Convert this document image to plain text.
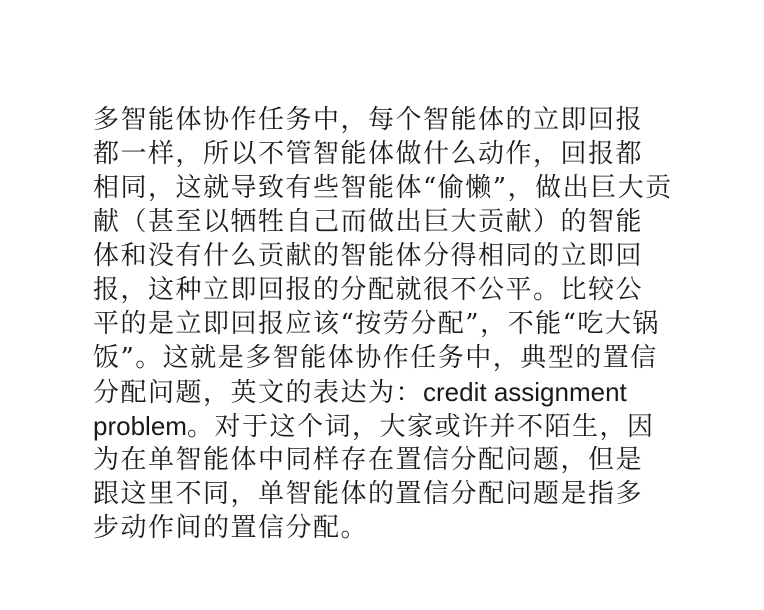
多智能体协作任务中，每个智能体的立即回报
都一样，所以不管智能体做什么动作，回报都
相同，这就导致有些智能体“偷懒”，做出巨大贡
献（甚至以牺牲自己而做出巨大贡献）的智能
体和没有什么贡献的智能体分得相同的立即回
报，这种立即回报的分配就很不公平。比较公
平的是立即回报应该“按劳分配”，不能“吃大锅
饭”。这就是多智能体协作任务中，典型的置信
分配问题，英文的表达为：credit assignment
problem。对于这个词，大家或许并不陌生，因
为在单智能体中同样存在置信分配问题，但是
跟这里不同，单智能体的置信分配问题是指多
步动作间的置信分配。
